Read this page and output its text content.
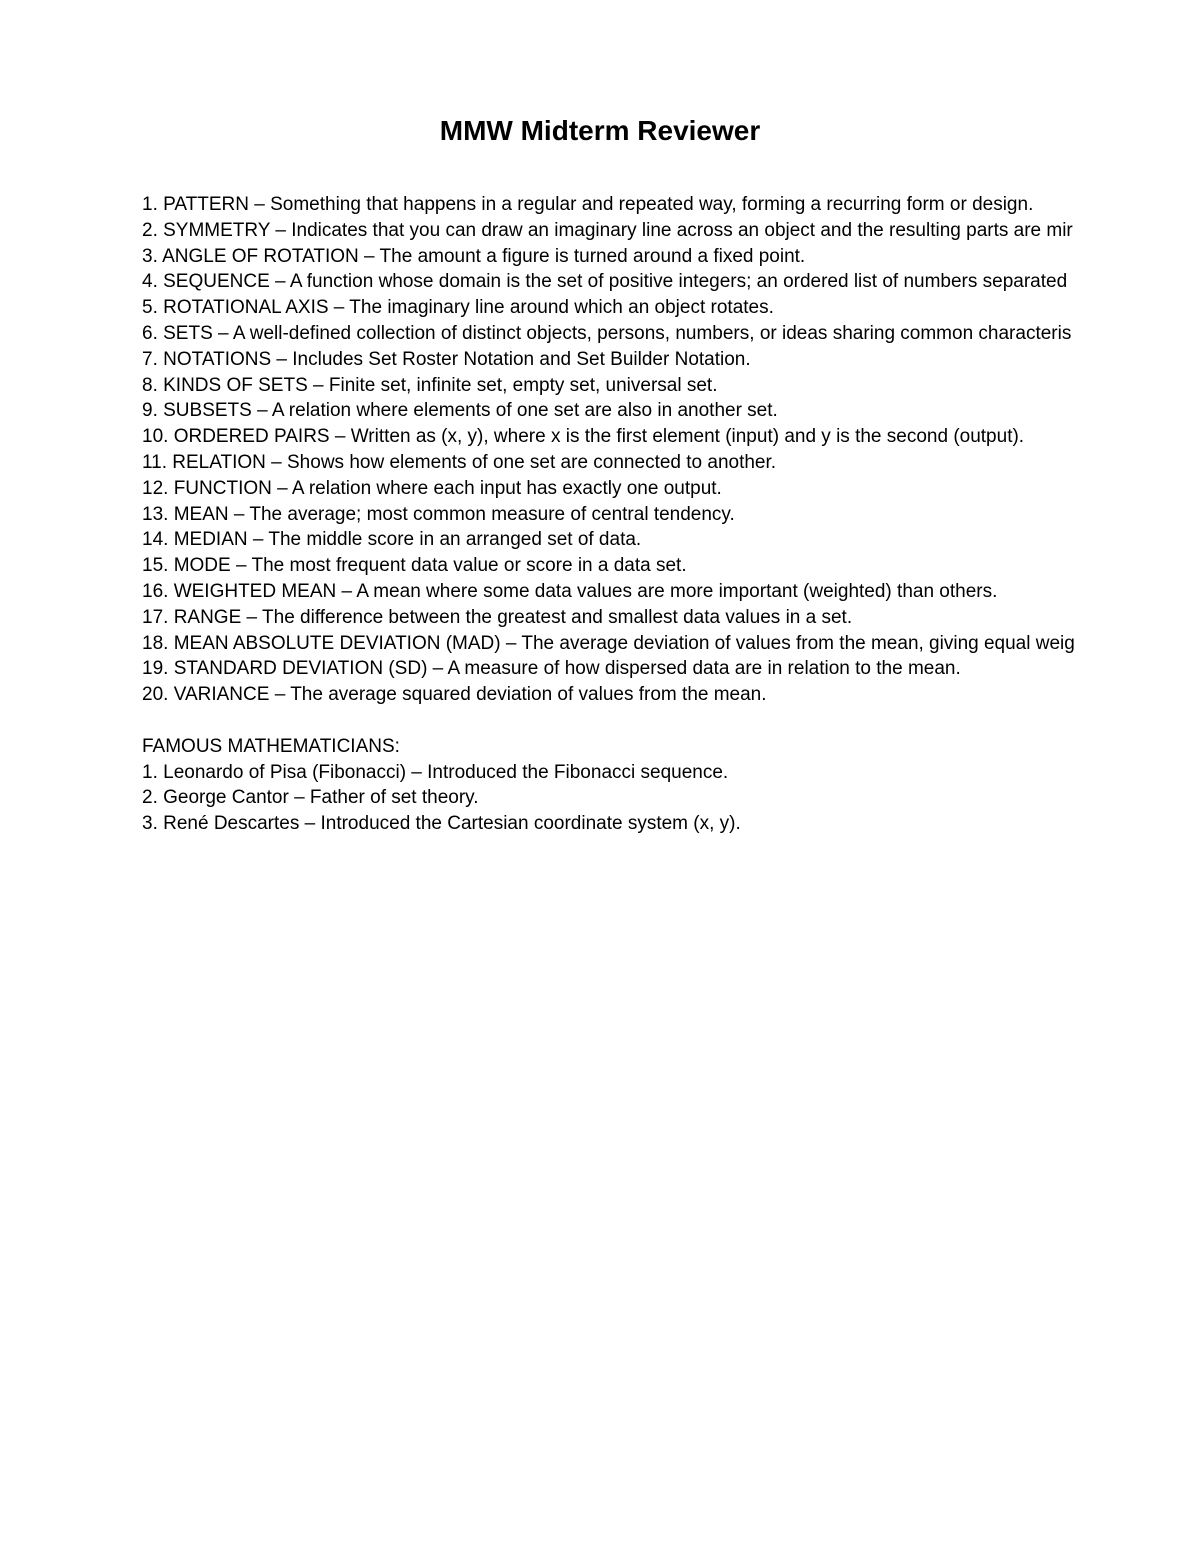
MMW Midterm Reviewer
1. PATTERN – Something that happens in a regular and repeated way, forming a recurring form or design.
2. SYMMETRY – Indicates that you can draw an imaginary line across an object and the resulting parts are mir
3. ANGLE OF ROTATION – The amount a figure is turned around a fixed point.
4. SEQUENCE – A function whose domain is the set of positive integers; an ordered list of numbers separated
5. ROTATIONAL AXIS – The imaginary line around which an object rotates.
6. SETS – A well-defined collection of distinct objects, persons, numbers, or ideas sharing common characteris
7. NOTATIONS – Includes Set Roster Notation and Set Builder Notation.
8. KINDS OF SETS – Finite set, infinite set, empty set, universal set.
9. SUBSETS – A relation where elements of one set are also in another set.
10. ORDERED PAIRS – Written as (x, y), where x is the first element (input) and y is the second (output).
11. RELATION – Shows how elements of one set are connected to another.
12. FUNCTION – A relation where each input has exactly one output.
13. MEAN – The average; most common measure of central tendency.
14. MEDIAN – The middle score in an arranged set of data.
15. MODE – The most frequent data value or score in a data set.
16. WEIGHTED MEAN – A mean where some data values are more important (weighted) than others.
17. RANGE – The difference between the greatest and smallest data values in a set.
18. MEAN ABSOLUTE DEVIATION (MAD) – The average deviation of values from the mean, giving equal weig
19. STANDARD DEVIATION (SD) – A measure of how dispersed data are in relation to the mean.
20. VARIANCE – The average squared deviation of values from the mean.
FAMOUS MATHEMATICIANS:
1. Leonardo of Pisa (Fibonacci) – Introduced the Fibonacci sequence.
2. George Cantor – Father of set theory.
3. René Descartes – Introduced the Cartesian coordinate system (x, y).
